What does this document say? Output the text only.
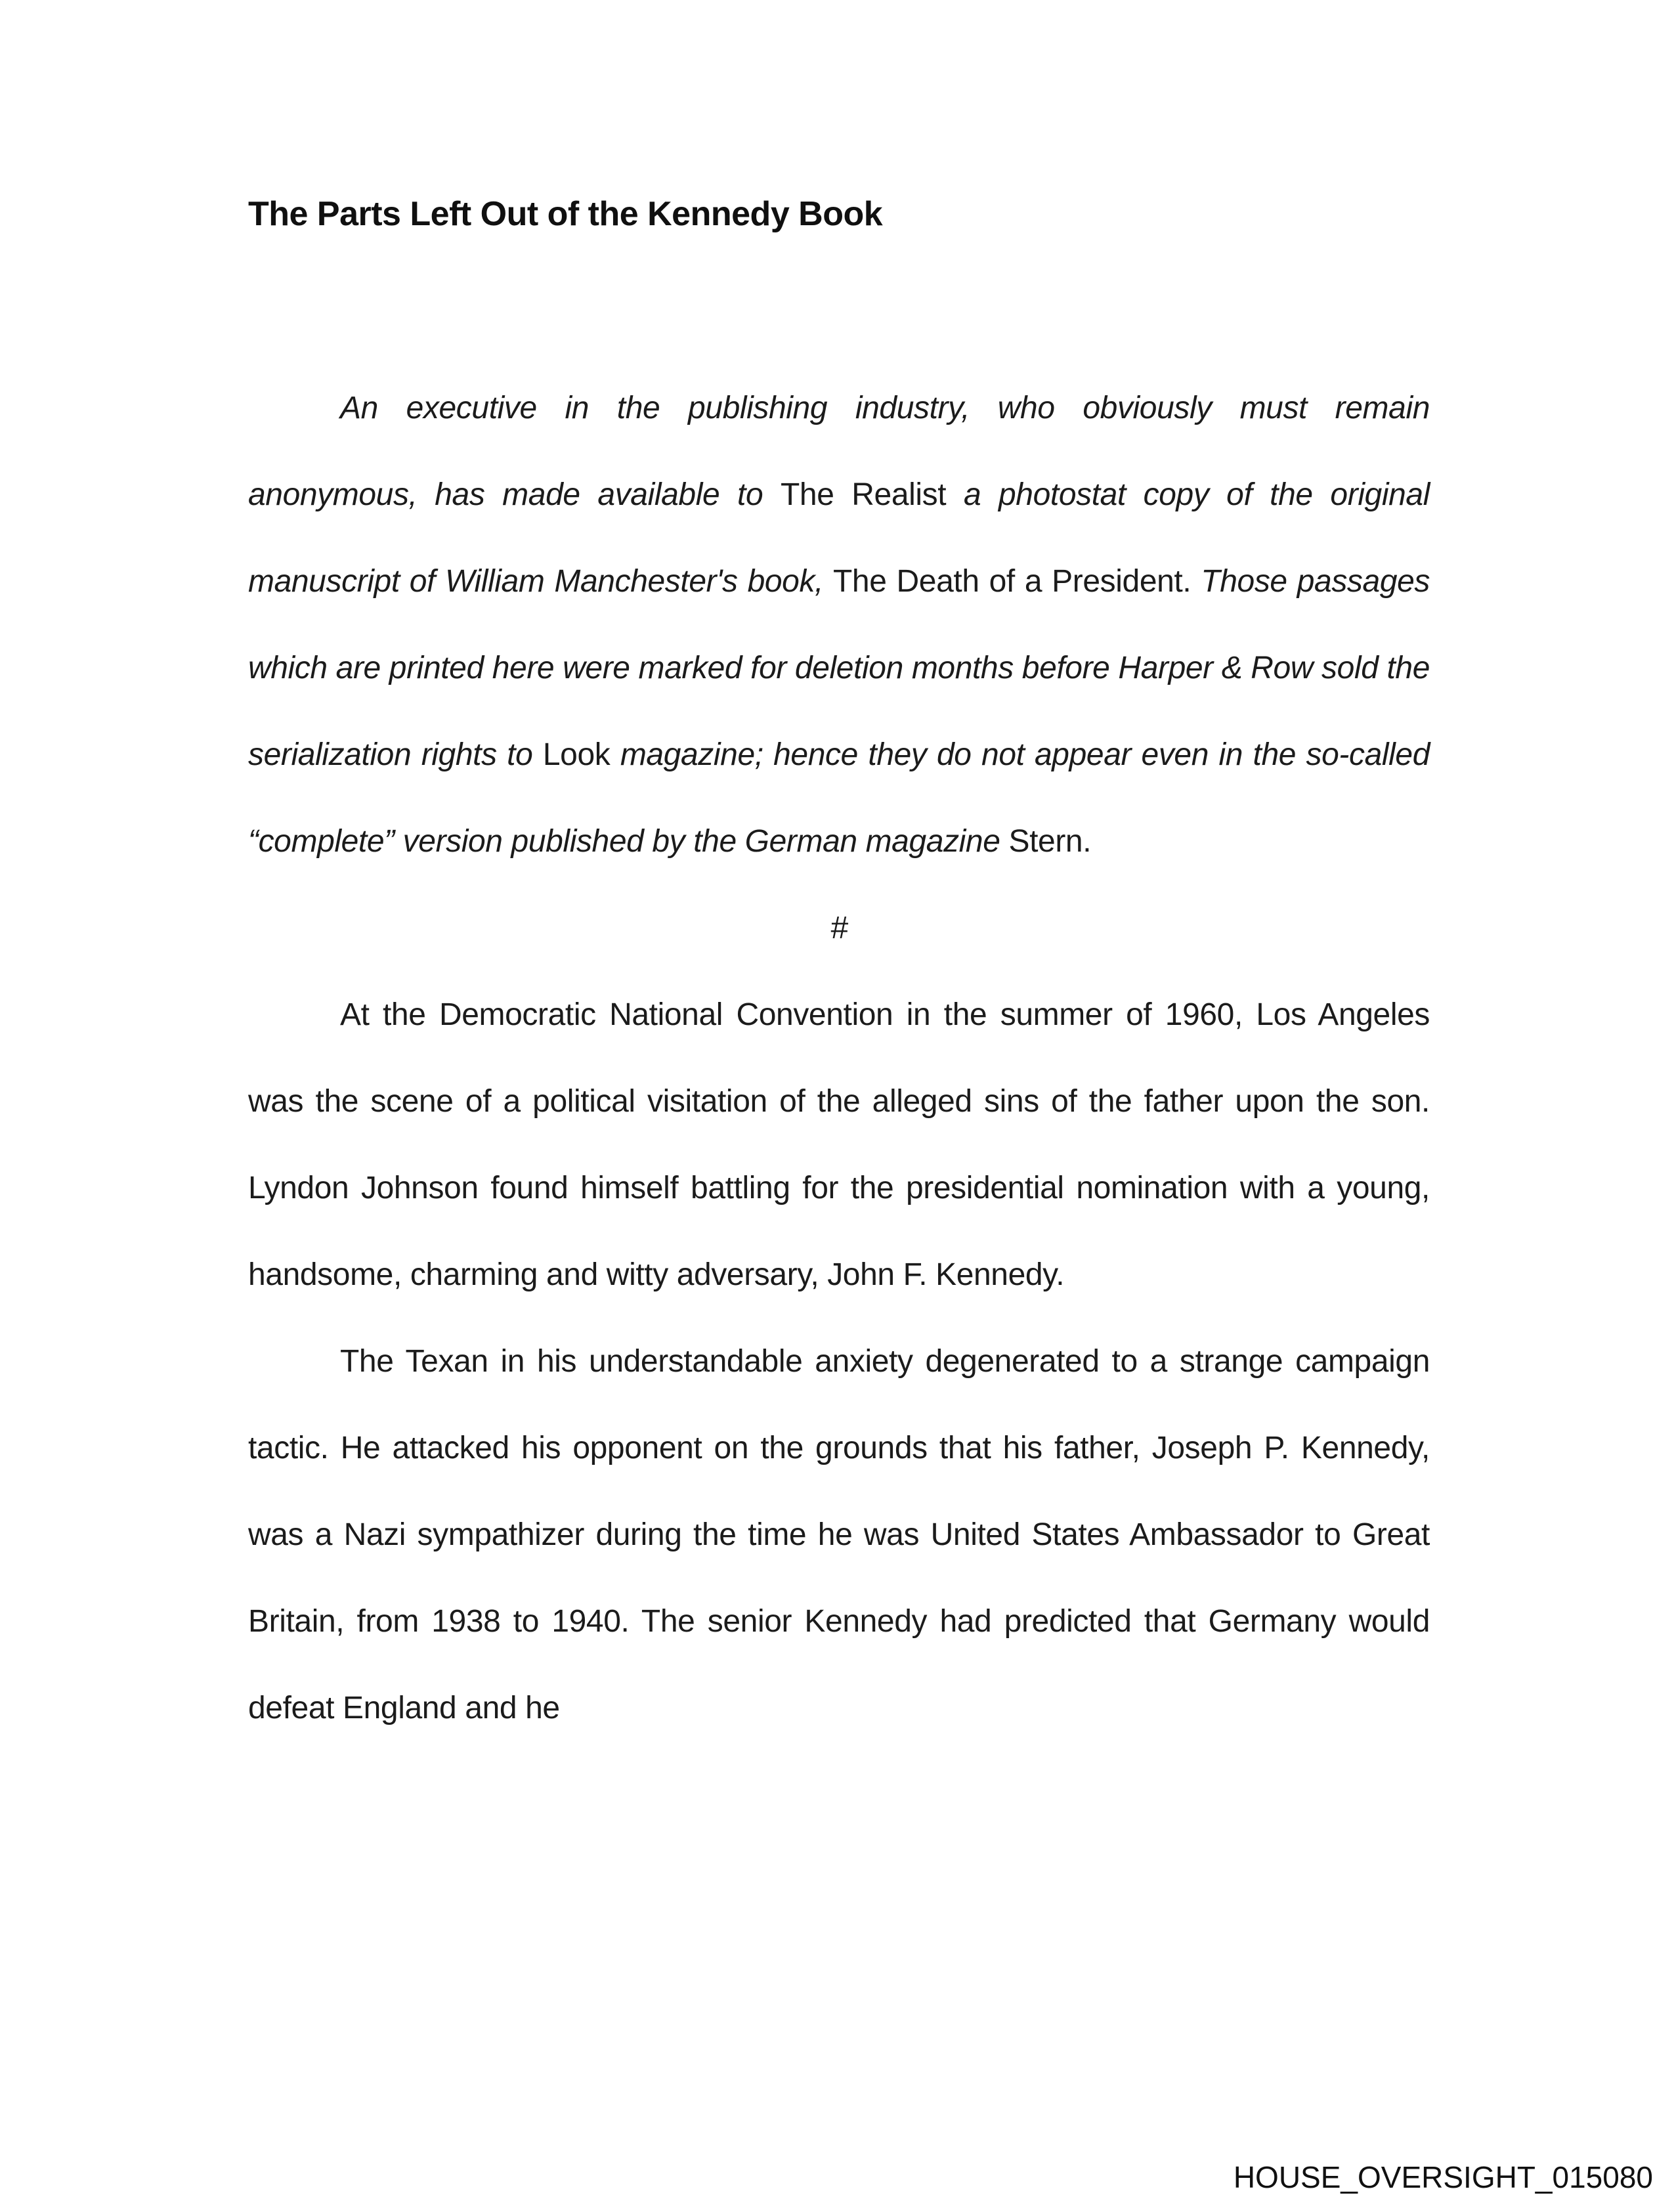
The Parts Left Out of the Kennedy Book

An executive in the publishing industry, who obviously must remain anonymous, has made available to The Realist a photostat copy of the original manuscript of William Manchester's book, The Death of a President. Those passages which are printed here were marked for deletion months before Harper & Row sold the serialization rights to Look magazine; hence they do not appear even in the so-called “complete” version published by the German magazine Stern.

#

At the Democratic National Convention in the summer of 1960, Los Angeles was the scene of a political visitation of the alleged sins of the father upon the son. Lyndon Johnson found himself battling for the presidential nomination with a young, handsome, charming and witty adversary, John F. Kennedy.

The Texan in his understandable anxiety degenerated to a strange campaign tactic. He attacked his opponent on the grounds that his father, Joseph P. Kennedy, was a Nazi sympathizer during the time he was United States Ambassador to Great Britain, from 1938 to 1940. The senior Kennedy had predicted that Germany would defeat England and he

HOUSE_OVERSIGHT_015080
